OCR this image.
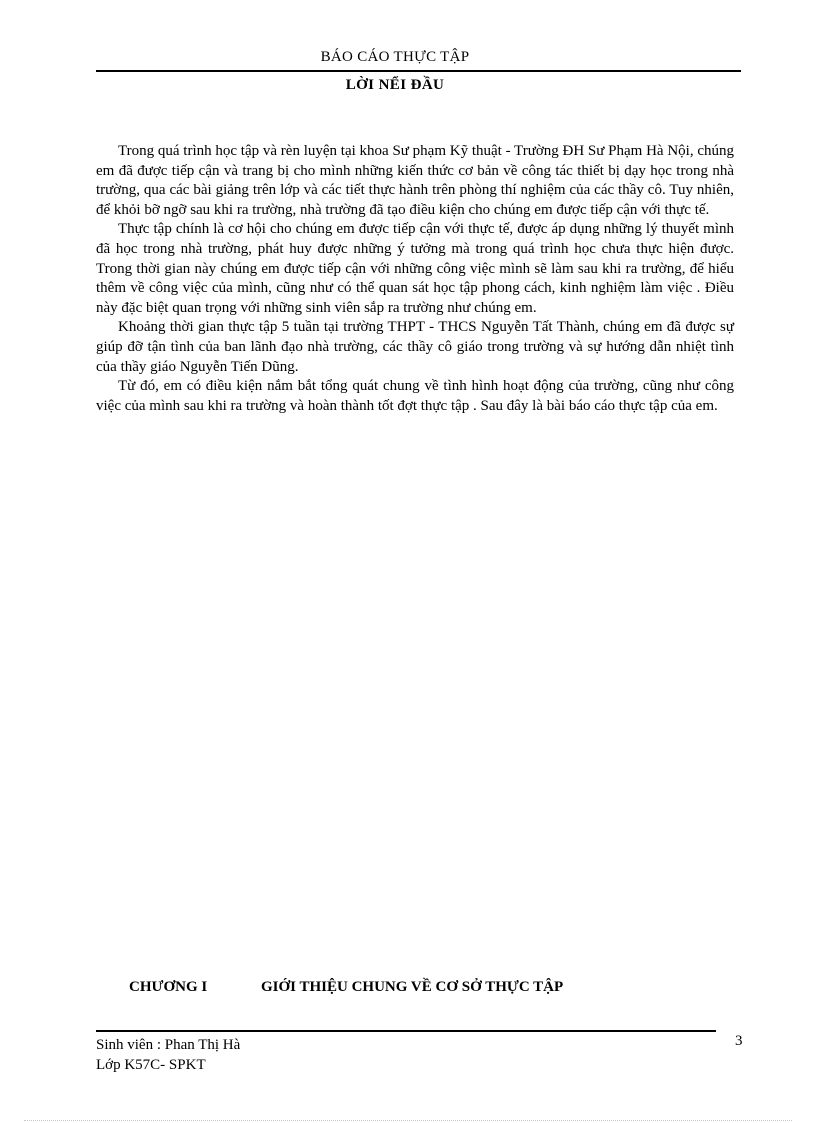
BÁO CÁO THỰC TẬP
LỜI NỂI ĐẦU

Trong quá trình học tập và rèn luyện tại khoa Sư phạm Kỹ thuật - Trường ĐH Sư Phạm Hà Nội, chúng em đã được tiếp cận và trang bị cho mình những kiến thức cơ bản về công tác thiết bị dạy học trong nhà trường, qua các bài giảng trên lớp và các tiết thực hành trên phòng thí nghiệm của các thầy cô. Tuy nhiên, để khỏi bỡ ngỡ sau khi ra trường, nhà trường đã tạo điều kiện cho chúng em được tiếp cận với thực tế.

Thực tập chính là cơ hội cho chúng em được tiếp cận với thực tế, được áp dụng những lý thuyết mình đã học trong nhà trường, phát huy được những ý tưởng mà trong quá trình học chưa thực hiện được. Trong thời gian này chúng em được tiếp cận với những công việc mình sẽ làm sau khi ra trường, để hiểu thêm về công việc của mình, cũng như có thể quan sát học tập phong cách, kinh nghiệm làm việc . Điều này đặc biệt quan trọng với những sinh viên sắp ra trường như chúng em.

Khoảng thời gian thực tập 5 tuần tại trường THPT - THCS Nguyễn Tất Thành, chúng em đã được sự giúp đỡ tận tình của ban lãnh đạo nhà trường, các thầy cô giáo trong trường và sự hướng dẫn nhiệt tình của thầy giáo Nguyễn Tiến Dũng.

Từ đó, em có điều kiện nắm bắt tổng quát chung về tình hình hoạt động của trường, cũng như công việc của mình sau khi ra trường và hoàn thành tốt đợt thực tập . Sau đây là bài báo cáo thực tập của em.

CHƯƠNG I	GIỚI THIỆU CHUNG VỀ CƠ SỞ THỰC TẬP
Sinh viên : Phan Thị Hà
Lớp K57C- SPKT
3
